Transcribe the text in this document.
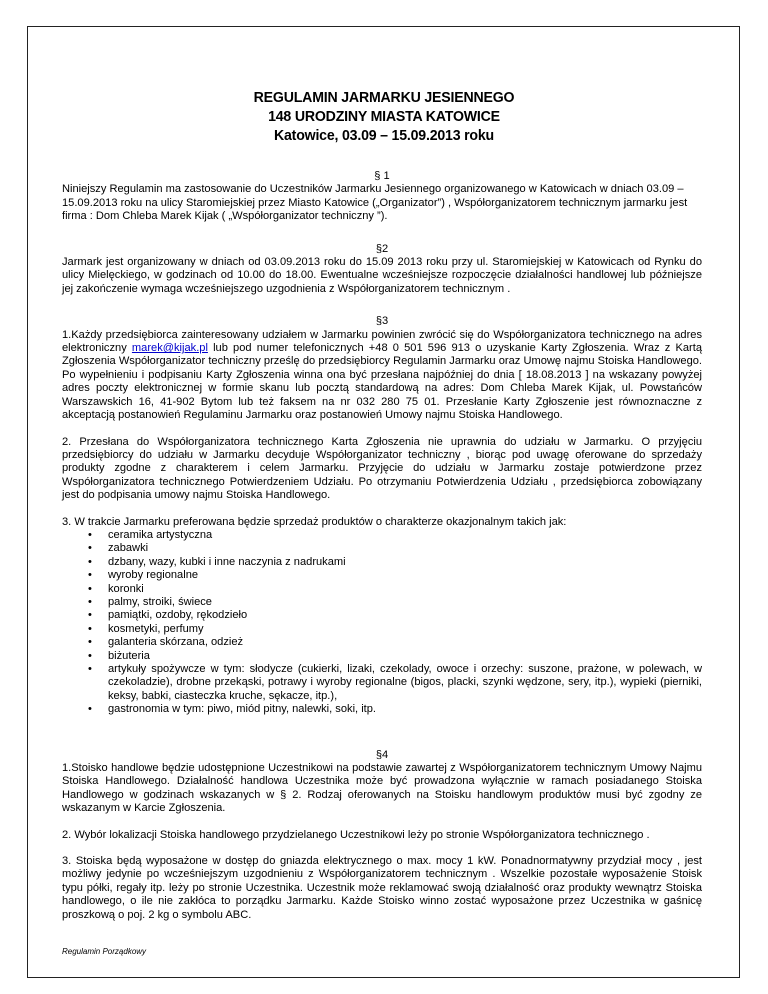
REGULAMIN JARMARKU JESIENNEGO
148 URODZINY MIASTA KATOWICE
Katowice, 03.09 – 15.09.2013 roku

§ 1

Niniejszy Regulamin ma zastosowanie do Uczestników Jarmarku Jesiennego organizowanego w Katowicach w dniach 03.09 – 15.09.2013 roku na ulicy Staromiejskiej przez Miasto Katowice („Organizator”) , Współorganizatorem technicznym jarmarku jest firma : Dom Chleba Marek Kijak ( „Współorganizator techniczny ”).

§2

Jarmark jest organizowany w dniach od 03.09.2013 roku do 15.09 2013 roku przy ul. Staromiejskiej w Katowicach od Rynku do ulicy Mielęckiego, w godzinach od 10.00 do 18.00. Ewentualne wcześniejsze rozpoczęcie działalności handlowej lub późniejsze jej zakończenie wymaga wcześniejszego uzgodnienia z Współorganizatorem technicznym .

§3

1.Każdy przedsiębiorca zainteresowany udziałem w Jarmarku powinien zwrócić się do Współorganizatora technicznego na adres elektroniczny marek@kijak.pl lub pod numer telefonicznych +48 0 501 596 913 o uzyskanie Karty Zgłoszenia. Wraz z Kartą Zgłoszenia Współorganizator techniczny prześlę do przedsiębiorcy Regulamin Jarmarku oraz Umowę najmu Stoiska Handlowego. Po wypełnieniu i podpisaniu Karty Zgłoszenia winna ona być przesłana najpóźniej do dnia [ 18.08.2013 ] na wskazany powyżej adres poczty elektronicznej w formie skanu lub pocztą standardową na adres: Dom Chleba Marek Kijak, ul. Powstańców Warszawskich 16, 41-902 Bytom lub też faksem na nr 032 280 75 01. Przesłanie Karty Zgłoszenie jest równoznaczne z akceptacją postanowień Regulaminu Jarmarku oraz postanowień Umowy najmu Stoiska Handlowego.

2. Przesłana do Współorganizatora technicznego Karta Zgłoszenia nie uprawnia do udziału w Jarmarku. O przyjęciu przedsiębiorcy do udziału w Jarmarku decyduje Współorganizator techniczny , biorąc pod uwagę oferowane do sprzedaży produkty zgodne z charakterem i celem Jarmarku. Przyjęcie do udziału w Jarmarku zostaje potwierdzone przez Współorganizatora technicznego Potwierdzeniem Udziału. Po otrzymaniu Potwierdzenia Udziału , przedsiębiorca zobowiązany jest do podpisania umowy najmu Stoiska Handlowego.

3. W trakcie Jarmarku preferowana będzie sprzedaż produktów o charakterze okazjonalnym takich jak:

• ceramika artystyczna
• zabawki
• dzbany, wazy, kubki i inne naczynia z nadrukami
• wyroby regionalne
• koronki
• palmy, stroiki, świece
• pamiątki, ozdoby, rękodzieło
• kosmetyki, perfumy
• galanteria skórzana, odzież
• biżuteria
• artykuły spożywcze w tym: słodycze (cukierki, lizaki, czekolady, owoce i orzechy: suszone, prażone, w polewach, w czekoladzie), drobne przekąski, potrawy i wyroby regionalne (bigos, placki, szynki wędzone, sery, itp.), wypieki (pierniki, keksy, babki, ciasteczka kruche, sękacze, itp.),
• gastronomia w tym: piwo, miód pitny, nalewki, soki, itp.

§4

1.Stoisko handlowe będzie udostępnione Uczestnikowi na podstawie zawartej z Współorganizatorem technicznym Umowy Najmu Stoiska Handlowego. Działalność handlowa Uczestnika może być prowadzona wyłącznie w ramach posiadanego Stoiska Handlowego w godzinach wskazanych w § 2. Rodzaj oferowanych na Stoisku handlowym produktów musi być zgodny ze wskazanym w Karcie Zgłoszenia.

2. Wybór lokalizacji Stoiska handlowego przydzielanego Uczestnikowi leży po stronie Współorganizatora technicznego .

3. Stoiska będą wyposażone w dostęp do gniazda elektrycznego o max. mocy 1 kW. Ponadnormatywny przydział mocy , jest możliwy jedynie po wcześniejszym uzgodnieniu z Współorganizatorem technicznym . Wszelkie pozostałe wyposażenie Stoisk typu półki, regały itp. leży po stronie Uczestnika. Uczestnik może reklamować swoją działalność oraz produkty wewnątrz Stoiska handlowego, o ile nie zakłóca to porządku Jarmarku. Każde Stoisko winno zostać wyposażone przez Uczestnika w gaśnicę proszkową o poj. 2 kg o symbolu ABC.

Regulamin Porządkowy
